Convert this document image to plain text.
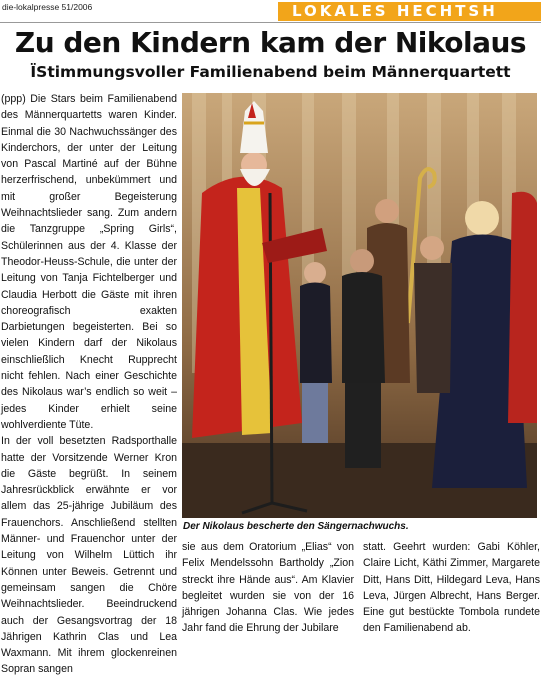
die-lokalpresse 51/2006	LOKALES HECHTSH
Zu den Kindern kam der Nikolaus
ÏStimmungsvoller Familienabend beim Männerquartett

(ppp) Die Stars beim Familienabend des Männerquartetts waren Kinder. Einmal die 30 Nachwuchssänger des Kinderchors, der unter der Leitung von Pascal Martiné auf der Bühne herzerfrischend, unbekümmert und mit großer Begeisterung Weihnachtslieder sang. Zum andern die Tanzgruppe „Spring Girls“, Schülerinnen aus der 4. Klasse der Theodor-Heuss-Schule, die unter der Leitung von Tanja Fichtelberger und Claudia Herbott die Gäste mit ihren choreografisch exakten Darbietungen begeisterten. Bei so vielen Kindern darf der Nikolaus einschließlich Knecht Rupprecht nicht fehlen. Nach einer Geschichte des Nikolaus war’s endlich so weit – jedes Kinder erhielt seine wohlverdiente Tüte.

In der voll besetzten Radsporthalle hatte der Vorsitzende Werner Kron die Gäste begrüßt. In seinem Jahresrückblick erwähnte er vor allem das 25-jährige Jubiläum des Frauenchors. Anschließend stellten Männer- und Frauenchor unter der Leitung von Wilhelm Lüttich ihr Können unter Beweis. Getrennt und gemeinsam sangen die Chöre Weihnachtslieder. Beeindruckend auch der Gesangsvortrag der 18 Jährigen Kathrin Clas und Lea Waxmann. Mit ihrem glockenreinen Sopran sangen

Der Nikolaus bescherte den Sängernachwuchs.

sie aus dem Oratorium „Elias“ von Felix Mendelssohn Bartholdy „Zion streckt ihre Hände aus“. Am Klavier begleitet wurden sie von der 16 jährigen Johanna Clas. Wie jedes Jahr fand die Ehrung der Jubilare

statt. Geehrt wurden: Gabi Köhler, Claire Licht, Käthi Zimmer, Margarete Ditt, Hans Ditt, Hildegard Leva, Hans Leva, Jürgen Albrecht, Hans Berger. Eine gut bestückte Tombola rundete den Familienabend ab.
